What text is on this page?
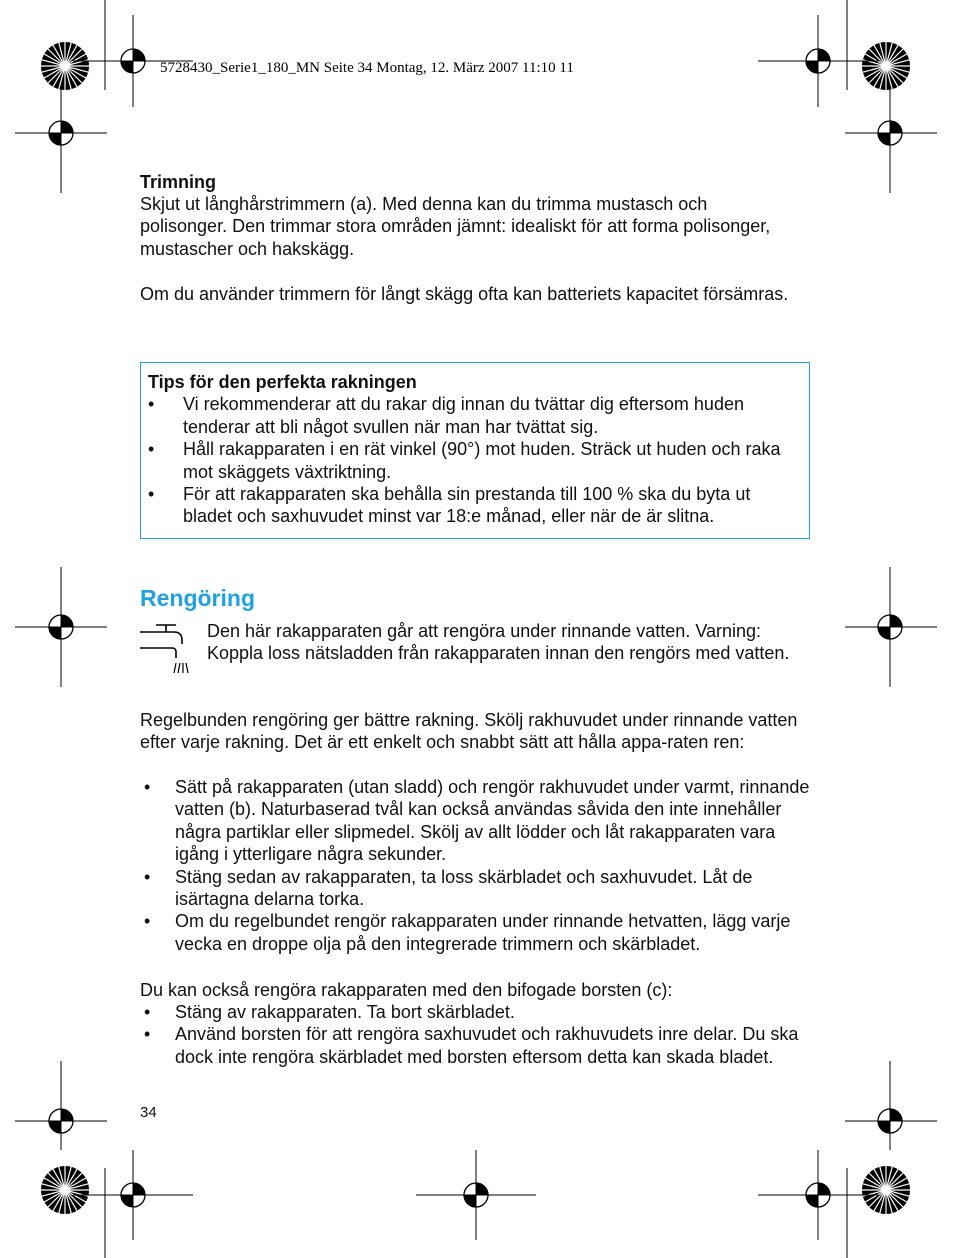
5728430_Serie1_180_MN Seite 34 Montag, 12. März 2007 11:10 11
Trimning
Skjut ut långhårstrimmern (a). Med denna kan du trimma mustasch och polisonger. Den trimmar stora områden jämnt: idealiskt för att forma polisonger, mustascher och hakskägg.
Om du använder trimmern för långt skägg ofta kan batteriets kapacitet försämras.
Tips för den perfekta rakningen
• Vi rekommenderar att du rakar dig innan du tvättar dig eftersom huden tenderar att bli något svullen när man har tvättat sig.
• Håll rakapparaten i en rät vinkel (90°) mot huden. Sträck ut huden och raka mot skäggets växtriktning.
• För att rakapparaten ska behålla sin prestanda till 100 % ska du byta ut bladet och saxhuvudet minst var 18:e månad, eller när de är slitna.
Rengöring
Den här rakapparaten går att rengöra under rinnande vatten. Varning: Koppla loss nätsladden från rakapparaten innan den rengörs med vatten.
Regelbunden rengöring ger bättre rakning. Skölj rakhuvudet under rinnande vatten efter varje rakning. Det är ett enkelt och snabbt sätt att hålla appa-raten ren:
• Sätt på rakapparaten (utan sladd) och rengör rakhuvudet under varmt, rinnande vatten (b). Naturbaserad tvål kan också användas såvida den inte innehåller några partiklar eller slipmedel. Skölj av allt lödder och låt rakapparaten vara igång i ytterligare några sekunder.
• Stäng sedan av rakapparaten, ta loss skärbladet och saxhuvudet. Låt de isärtagna delarna torka.
• Om du regelbundet rengör rakapparaten under rinnande hetvatten, lägg varje vecka en droppe olja på den integrerade trimmern och skärbladet.
Du kan också rengöra rakapparaten med den bifogade borsten (c):
• Stäng av rakapparaten. Ta bort skärbladet.
• Använd borsten för att rengöra saxhuvudet och rakhuvudets inre delar. Du ska dock inte rengöra skärbladet med borsten eftersom detta kan skada bladet.
34
